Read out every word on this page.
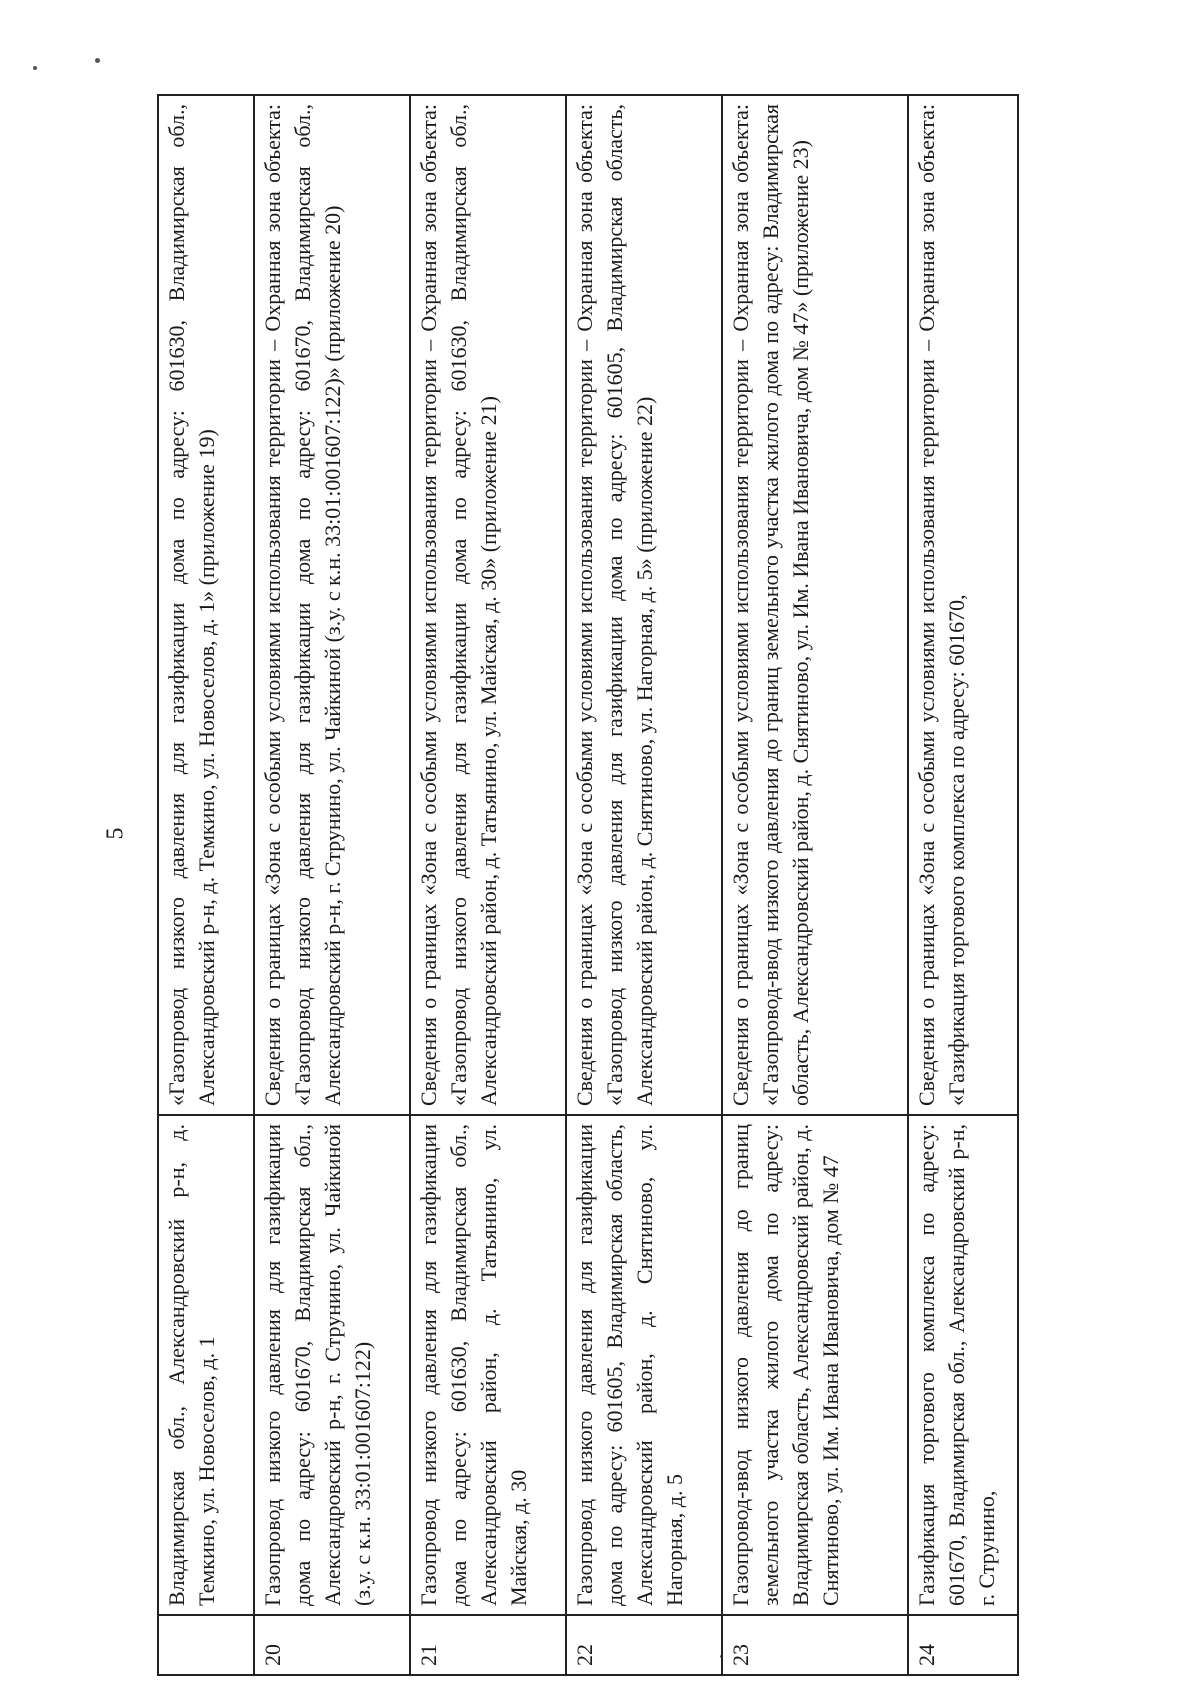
5
	Владимирская обл., Александровский р-н, д. Темкино, ул. Новоселов, д. 1	«Газопровод низкого давления для газификации дома по адресу: 601630, Владимирская обл., Александровский р-н, д. Темкино, ул. Новоселов, д. 1» (приложение 19)
20	Газопровод низкого давления для газификации дома по адресу: 601670, Владимирская обл., Александровский р-н, г. Струнино, ул. Чайкиной (з.у. с к.н. 33:01:001607:122)	Сведения о границах «Зона с особыми условиями использования территории – Охранная зона объекта: «Газопровод низкого давления для газификации дома по адресу: 601670, Владимирская обл., Александровский р-н, г. Струнино, ул. Чайкиной (з.у. с к.н. 33:01:001607:122)» (приложение 20)
21	Газопровод низкого давления для газификации дома по адресу: 601630, Владимирская обл., Александровский район, д. Татьянино, ул. Майская, д. 30	Сведения о границах «Зона с особыми условиями использования территории – Охранная зона объекта: «Газопровод низкого давления для газификации дома по адресу: 601630, Владимирская обл., Александровский район, д. Татьянино, ул. Майская, д. 30» (приложение 21)
22	Газопровод низкого давления для газификации дома по адресу: 601605, Владимирская область, Александровский район, д. Снятиново, ул. Нагорная, д. 5	Сведения о границах «Зона с особыми условиями использования территории – Охранная зона объекта: «Газопровод низкого давления для газификации дома по адресу: 601605, Владимирская область, Александровский район, д. Снятиново, ул. Нагорная, д. 5» (приложение 22)
23	Газопровод-ввод низкого давления до границ земельного участка жилого дома по адресу: Владимирская область, Александровский район, д. Снятиново, ул. Им. Ивана Ивановича, дом № 47	Сведения о границах «Зона с особыми условиями использования территории – Охранная зона объекта: «Газопровод-ввод низкого давления до границ земельного участка жилого дома по адресу: Владимирская область, Александровский район, д. Снятиново, ул. Им. Ивана Ивановича, дом № 47» (приложение 23)
24	Газификация торгового комплекса по адресу: 601670, Владимирская обл., Александровский р-н, г. Струнино,	Сведения о границах «Зона с особыми условиями использования территории – Охранная зона объекта: «Газификация торгового комплекса по адресу: 601670,
